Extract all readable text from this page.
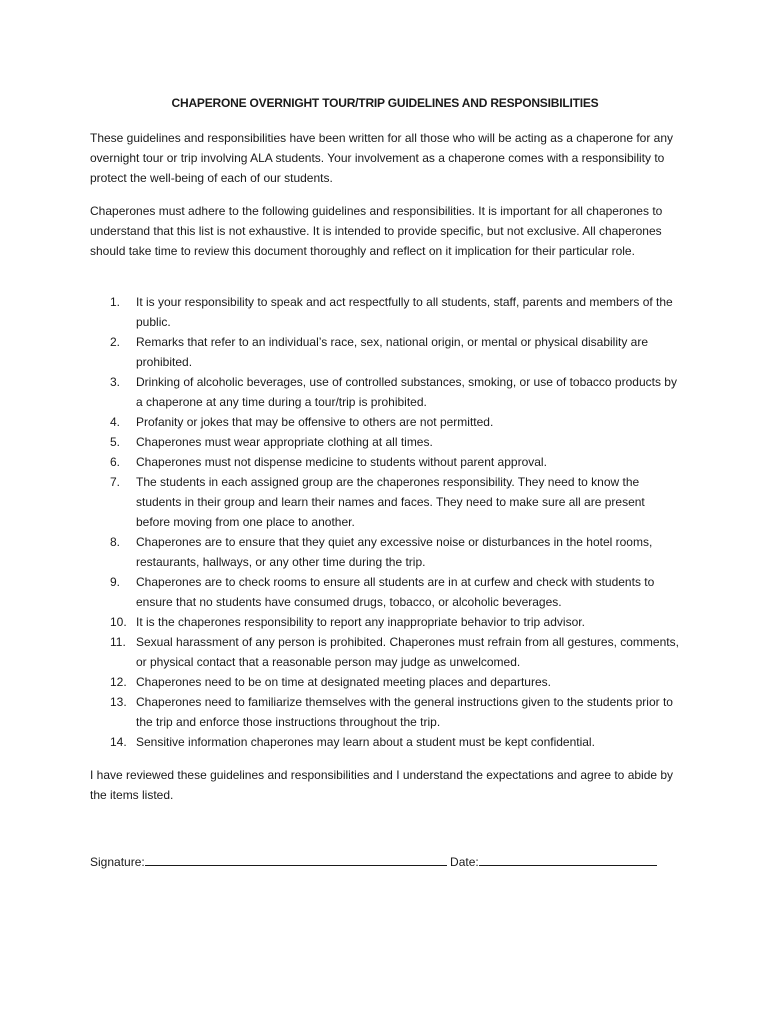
CHAPERONE OVERNIGHT TOUR/TRIP GUIDELINES AND RESPONSIBILITIES

These guidelines and responsibilities have been written for all those who will be acting as a chaperone for any overnight tour or trip involving ALA students. Your involvement as a chaperone comes with a responsibility to protect the well-being of each of our students.

Chaperones must adhere to the following guidelines and responsibilities. It is important for all chaperones to understand that this list is not exhaustive. It is intended to provide specific, but not exclusive. All chaperones should take time to review this document thoroughly and reflect on it implication for their particular role.

1.	It is your responsibility to speak and act respectfully to all students, staff, parents and members of the public.
2.	Remarks that refer to an individual’s race, sex, national origin, or mental or physical disability are prohibited.
3.	Drinking of alcoholic beverages, use of controlled substances, smoking, or use of tobacco products by a chaperone at any time during a tour/trip is prohibited.
4.	Profanity or jokes that may be offensive to others are not permitted.
5.	Chaperones must wear appropriate clothing at all times.
6.	Chaperones must not dispense medicine to students without parent approval.
7.	The students in each assigned group are the chaperones responsibility. They need to know the students in their group and learn their names and faces. They need to make sure all are present before moving from one place to another.
8.	Chaperones are to ensure that they quiet any excessive noise or disturbances in the hotel rooms, restaurants, hallways, or any other time during the trip.
9.	Chaperones are to check rooms to ensure all students are in at curfew and check with students to ensure that no students have consumed drugs, tobacco, or alcoholic beverages.
10. It is the chaperones responsibility to report any inappropriate behavior to trip advisor.
11. Sexual harassment of any person is prohibited. Chaperones must refrain from all gestures, comments, or physical contact that a reasonable person may judge as unwelcomed.
12. Chaperones need to be on time at designated meeting places and departures.
13. Chaperones need to familiarize themselves with the general instructions given to the students prior to the trip and enforce those instructions throughout the trip.
14. Sensitive information chaperones may learn about a student must be kept confidential.

I have reviewed these guidelines and responsibilities and I understand the expectations and agree to abide by the items listed.

Signature:	Date:
